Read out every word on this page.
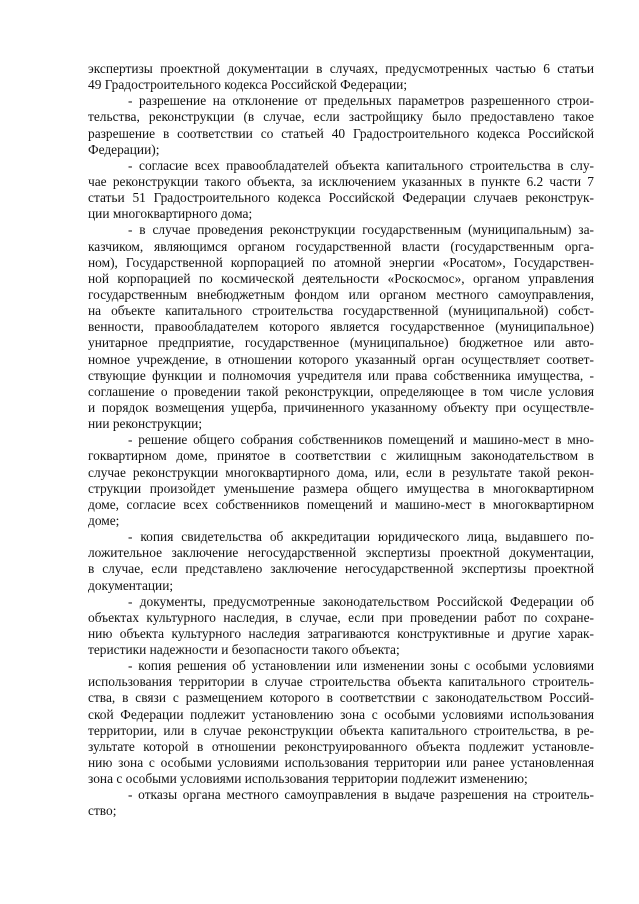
экспертизы проектной документации в случаях, предусмотренных частью 6 статьи
49 Градостроительного кодекса Российской Федерации;
- разрешение на отклонение от предельных параметров разрешенного строи-
тельства, реконструкции (в случае, если застройщику было предоставлено такое
разрешение в соответствии со статьей 40 Градостроительного кодекса Российской
Федерации);
- согласие всех правообладателей объекта капитального строительства в слу-
чае реконструкции такого объекта, за исключением указанных в пункте 6.2 части 7
статьи 51 Градостроительного кодекса Российской Федерации случаев реконструк-
ции многоквартирного дома;
- в случае проведения реконструкции государственным (муниципальным) за-
казчиком, являющимся органом государственной власти (государственным орга-
ном), Государственной корпорацией по атомной энергии «Росатом», Государствен-
ной корпорацией по космической деятельности «Роскосмос», органом управления
государственным внебюджетным фондом или органом местного самоуправления,
на объекте капитального строительства государственной (муниципальной) собст-
венности, правообладателем которого является государственное (муниципальное)
унитарное предприятие, государственное (муниципальное) бюджетное или авто-
номное учреждение, в отношении которого указанный орган осуществляет соответ-
ствующие функции и полномочия учредителя или права собственника имущества, -
соглашение о проведении такой реконструкции, определяющее в том числе условия
и порядок возмещения ущерба, причиненного указанному объекту при осуществле-
нии реконструкции;
- решение общего собрания собственников помещений и машино-мест в мно-
гоквартирном доме, принятое в соответствии с жилищным законодательством в
случае реконструкции многоквартирного дома, или, если в результате такой рекон-
струкции произойдет уменьшение размера общего имущества в многоквартирном
доме, согласие всех собственников помещений и машино-мест в многоквартирном
доме;
- копия свидетельства об аккредитации юридического лица, выдавшего по-
ложительное заключение негосударственной экспертизы проектной документации,
в случае, если представлено заключение негосударственной экспертизы проектной
документации;
- документы, предусмотренные законодательством Российской Федерации об
объектах культурного наследия, в случае, если при проведении работ по сохране-
нию объекта культурного наследия затрагиваются конструктивные и другие харак-
теристики надежности и безопасности такого объекта;
- копия решения об установлении или изменении зоны с особыми условиями
использования территории в случае строительства объекта капитального строитель-
ства, в связи с размещением которого в соответствии с законодательством Россий-
ской Федерации подлежит установлению зона с особыми условиями использования
территории, или в случае реконструкции объекта капитального строительства, в ре-
зультате которой в отношении реконструированного объекта подлежит установле-
нию зона с особыми условиями использования территории или ранее установленная
зона с особыми условиями использования территории подлежит изменению;
- отказы органа местного самоуправления в выдаче разрешения на строитель-
ство;
